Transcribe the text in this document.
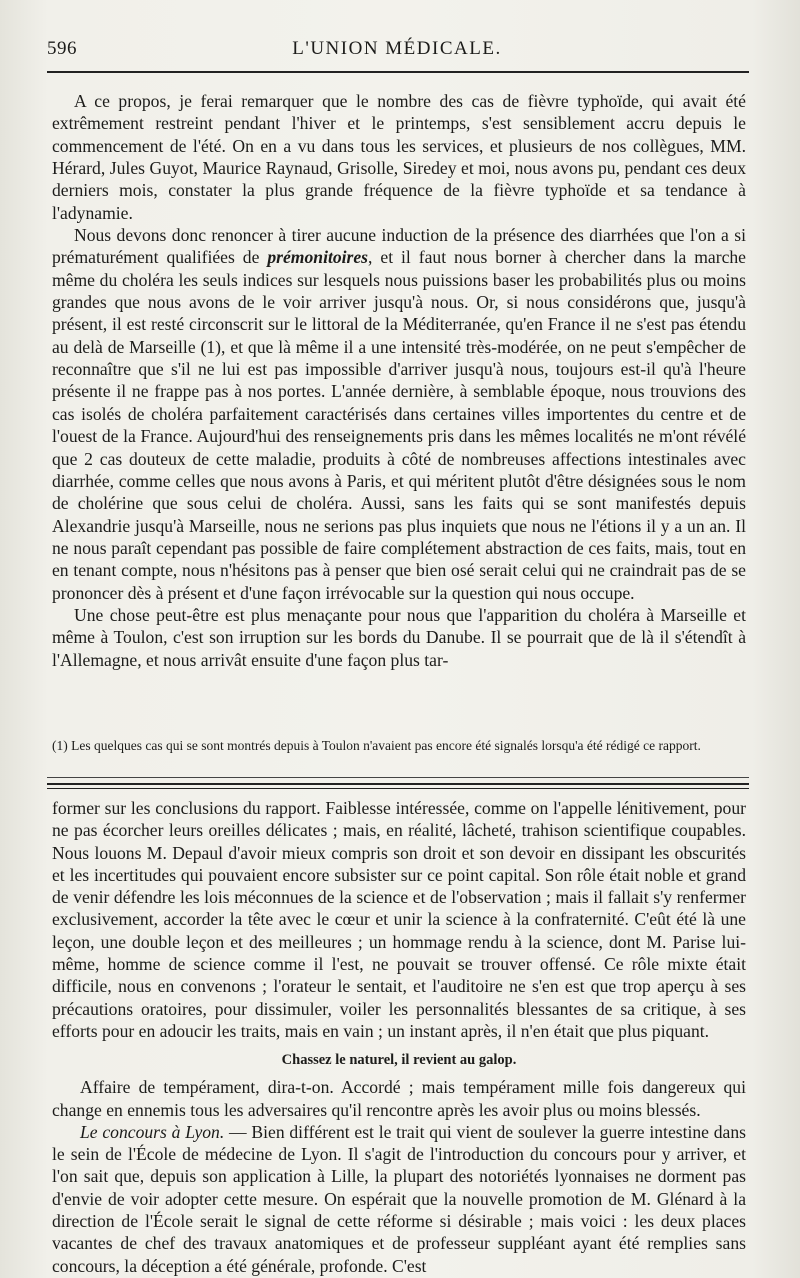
596	L'UNION MÉDICALE.

A ce propos, je ferai remarquer que le nombre des cas de fièvre typhoïde, qui avait été extrêmement restreint pendant l'hiver et le printemps, s'est sensiblement accru depuis le commencement de l'été. On en a vu dans tous les services, et plusieurs de nos collègues, MM. Hérard, Jules Guyot, Maurice Raynaud, Grisolle, Siredey et moi, nous avons pu, pendant ces deux derniers mois, constater la plus grande fréquence de la fièvre typhoïde et sa tendance à l'adynamie.

Nous devons donc renoncer à tirer aucune induction de la présence des diarrhées que l'on a si prématurément qualifiées de prémonitoires, et il faut nous borner à chercher dans la marche même du choléra les seuls indices sur lesquels nous puissions baser les probabilités plus ou moins grandes que nous avons de le voir arriver jusqu'à nous. Or, si nous considérons que, jusqu'à présent, il est resté circonscrit sur le littoral de la Méditerranée, qu'en France il ne s'est pas étendu au delà de Marseille (1), et que là même il a une intensité très-modérée, on ne peut s'empêcher de reconnaître que s'il ne lui est pas impossible d'arriver jusqu'à nous, toujours est-il qu'à l'heure présente il ne frappe pas à nos portes. L'année dernière, à semblable époque, nous trouvions des cas isolés de choléra parfaitement caractérisés dans certaines villes importentes du centre et de l'ouest de la France. Aujourd'hui des renseignements pris dans les mêmes localités ne m'ont révélé que 2 cas douteux de cette maladie, produits à côté de nombreuses affections intestinales avec diarrhée, comme celles que nous avons à Paris, et qui méritent plutôt d'être désignées sous le nom de cholérine que sous celui de choléra. Aussi, sans les faits qui se sont manifestés depuis Alexandrie jusqu'à Marseille, nous ne serions pas plus inquiets que nous ne l'étions il y a un an. Il ne nous paraît cependant pas possible de faire complétement abstraction de ces faits, mais, tout en en tenant compte, nous n'hésitons pas à penser que bien osé serait celui qui ne craindrait pas de se prononcer dès à présent et d'une façon irrévocable sur la question qui nous occupe.

Une chose peut-être est plus menaçante pour nous que l'apparition du choléra à Marseille et même à Toulon, c'est son irruption sur les bords du Danube. Il se pourrait que de là il s'étendît à l'Allemagne, et nous arrivât ensuite d'une façon plus tar-

(1) Les quelques cas qui se sont montrés depuis à Toulon n'avaient pas encore été signalés lorsqu'a été rédigé ce rapport.

former sur les conclusions du rapport. Faiblesse intéressée, comme on l'appelle lénitivement, pour ne pas écorcher leurs oreilles délicates ; mais, en réalité, lâcheté, trahison scientifique coupables. Nous louons M. Depaul d'avoir mieux compris son droit et son devoir en dissipant les obscurités et les incertitudes qui pouvaient encore subsister sur ce point capital. Son rôle était noble et grand de venir défendre les lois méconnues de la science et de l'observation ; mais il fallait s'y renfermer exclusivement, accorder la tête avec le cœur et unir la science à la confraternité. C'eût été là une leçon, une double leçon et des meilleures ; un hommage rendu à la science, dont M. Parise lui-même, homme de science comme il l'est, ne pouvait se trouver offensé. Ce rôle mixte était difficile, nous en convenons ; l'orateur le sentait, et l'auditoire ne s'en est que trop aperçu à ses précautions oratoires, pour dissimuler, voiler les personnalités blessantes de sa critique, à ses efforts pour en adoucir les traits, mais en vain ; un instant après, il n'en était que plus piquant.

Chassez le naturel, il revient au galop.

Affaire de tempérament, dira-t-on. Accordé ; mais tempérament mille fois dangereux qui change en ennemis tous les adversaires qu'il rencontre après les avoir plus ou moins blessés.

Le concours à Lyon. — Bien différent est le trait qui vient de soulever la guerre intestine dans le sein de l'École de médecine de Lyon. Il s'agit de l'introduction du concours pour y arriver, et l'on sait que, depuis son application à Lille, la plupart des notoriétés lyonnaises ne dorment pas d'envie de voir adopter cette mesure. On espérait que la nouvelle promotion de M. Glénard à la direction de l'École serait le signal de cette réforme si désirable ; mais voici : les deux places vacantes de chef des travaux anatomiques et de professeur suppléant ayant été remplies sans concours, la déception a été générale, profonde. C'est
